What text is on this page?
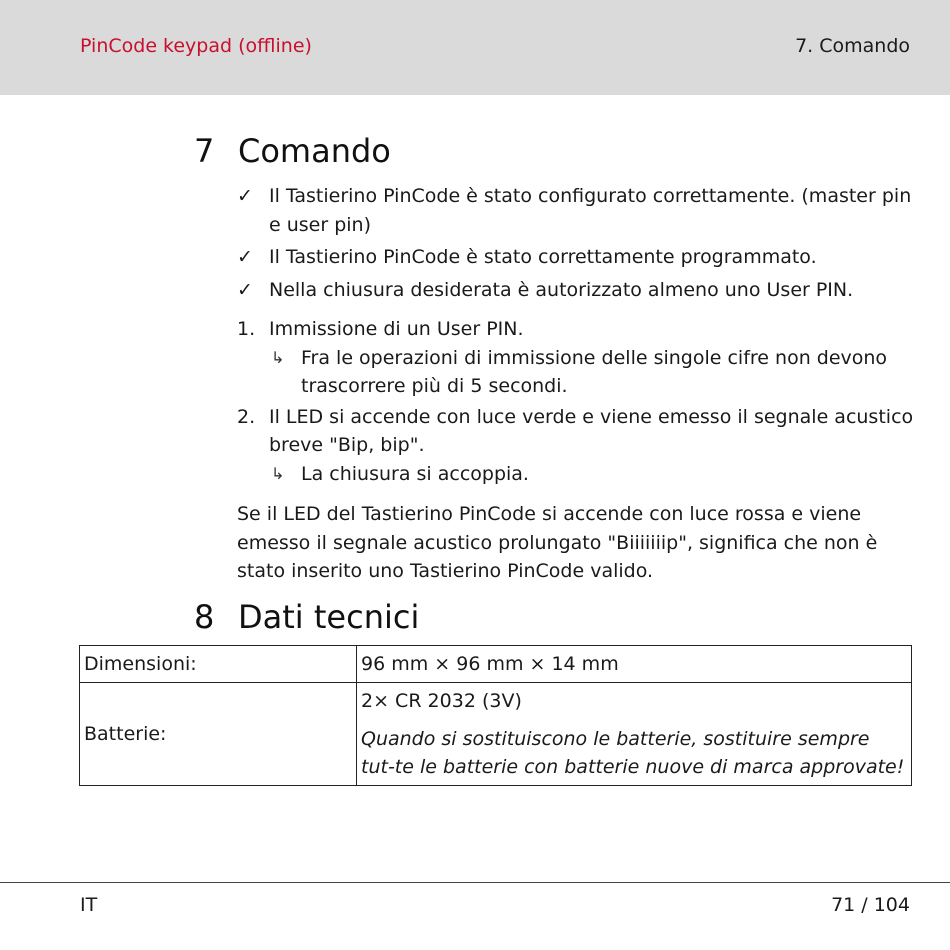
PinCode keypad (offline)	7. Comando
7 Comando
✓ Il Tastierino PinCode è stato configurato correttamente. (master pin e user pin)
✓ Il Tastierino PinCode è stato correttamente programmato.
✓ Nella chiusura desiderata è autorizzato almeno uno User PIN.
1. Immissione di un User PIN.
↳ Fra le operazioni di immissione delle singole cifre non devono trascorrere più di 5 secondi.
2. Il LED si accende con luce verde e viene emesso il segnale acustico breve "Bip, bip".
↳ La chiusura si accoppia.

Se il LED del Tastierino PinCode si accende con luce rossa e viene emesso il segnale acustico prolungato "Biiiiiiip", significa che non è stato inserito uno Tastierino PinCode valido.

8 Dati tecnici
Dimensioni:	96 mm × 96 mm × 14 mm
Batterie:	2× CR 2032 (3V)
Quando si sostituiscono le batterie, sostituire sempre tut-te le batterie con batterie nuove di marca approvate!
IT	71 / 104
